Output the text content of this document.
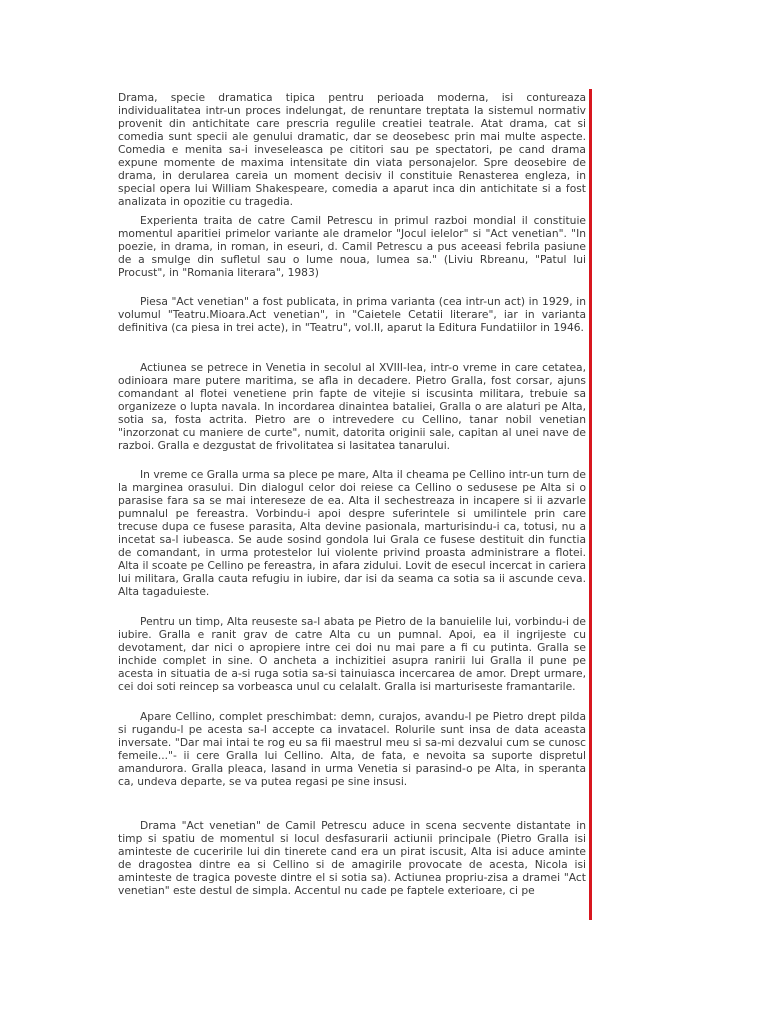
Drama, specie dramatica tipica pentru perioada moderna, isi contureaza individualitatea intr-un proces indelungat, de renuntare treptata la sistemul normativ provenit din antichitate care prescria regulile creatiei teatrale. Atat drama, cat si comedia sunt specii ale genului dramatic, dar se deosebesc prin mai multe aspecte. Comedia e menita sa-i inveseleasca pe cititori sau pe spectatori, pe cand drama expune momente de maxima intensitate din viata personajelor. Spre deosebire de drama, in derularea careia un moment decisiv il constituie Renasterea engleza, in special opera lui William Shakespeare, comedia a aparut inca din antichitate si a fost analizata in opozitie cu tragedia.

Experienta traita de catre Camil Petrescu in primul razboi mondial il constituie momentul aparitiei primelor variante ale dramelor "Jocul ielelor" si "Act venetian". "In poezie, in drama, in roman, in eseuri, d. Camil Petrescu a pus aceeasi febrila pasiune de a smulge din sufletul sau o lume noua, lumea sa." (Liviu Rbreanu, "Patul lui Procust", in "Romania literara", 1983)

Piesa "Act venetian" a fost publicata, in prima varianta (cea intr-un act) in 1929, in volumul "Teatru.Mioara.Act venetian", in "Caietele Cetatii literare", iar in varianta definitiva (ca piesa in trei acte), in "Teatru", vol.II, aparut la Editura Fundatiilor in 1946.

Actiunea se petrece in Venetia in secolul al XVIII-lea, intr-o vreme in care cetatea, odinioara mare putere maritima, se afla in decadere. Pietro Gralla, fost corsar, ajuns comandant al flotei venetiene prin fapte de vitejie si iscusinta militara, trebuie sa organizeze o lupta navala. In incordarea dinaintea bataliei, Gralla o are alaturi pe Alta, sotia sa, fosta actrita. Pietro are o intrevedere cu Cellino, tanar nobil venetian "inzorzonat cu maniere de curte", numit, datorita originii sale, capitan al unei nave de razboi. Gralla e dezgustat de frivolitatea si lasitatea tanarului.

In vreme ce Gralla urma sa plece pe mare, Alta il cheama pe Cellino intr-un turn de la marginea orasului. Din dialogul celor doi reiese ca Cellino o sedusese pe Alta si o parasise fara sa se mai intereseze de ea. Alta il sechestreaza in incapere si ii azvarle pumnalul pe fereastra. Vorbindu-i apoi despre suferintele si umilintele prin care trecuse dupa ce fusese parasita, Alta devine pasionala, marturisindu-i ca, totusi, nu a incetat sa-l iubeasca. Se aude sosind gondola lui Grala ce fusese destituit din functia de comandant, in urma protestelor lui violente privind proasta administrare a flotei. Alta il scoate pe Cellino pe fereastra, in afara zidului. Lovit de esecul incercat in cariera lui militara, Gralla cauta refugiu in iubire, dar isi da seama ca sotia sa ii ascunde ceva. Alta tagaduieste.

Pentru un timp, Alta reuseste sa-l abata pe Pietro de la banuielile lui, vorbindu-i de iubire. Gralla e ranit grav de catre Alta cu un pumnal. Apoi, ea il ingrijeste cu devotament, dar nici o apropiere intre cei doi nu mai pare a fi cu putinta. Gralla se inchide complet in sine. O ancheta a inchizitiei asupra ranirii lui Gralla il pune pe acesta in situatia de a-si ruga sotia sa-si tainuiasca incercarea de amor. Drept urmare, cei doi soti reincep sa vorbeasca unul cu celalalt. Gralla isi marturiseste framantarile.

Apare Cellino, complet preschimbat: demn, curajos, avandu-l pe Pietro drept pilda si rugandu-l pe acesta sa-l accepte ca invatacel. Rolurile sunt insa de data aceasta inversate. "Dar mai intai te rog eu sa fii maestrul meu si sa-mi dezvalui cum se cunosc femeile..."- ii cere Gralla lui Cellino. Alta, de fata, e nevoita sa suporte dispretul amandurora. Gralla pleaca, lasand in urma Venetia si parasind-o pe Alta, in speranta ca, undeva departe, se va putea regasi pe sine insusi.

Drama "Act venetian" de Camil Petrescu aduce in scena secvente distantate in timp si spatiu de momentul si locul desfasurarii actiunii principale (Pietro Gralla isi aminteste de cuceririle lui din tinerete cand era un pirat iscusit, Alta isi aduce aminte de dragostea dintre ea si Cellino si de amagirile provocate de acesta, Nicola isi aminteste de tragica poveste dintre el si sotia sa). Actiunea propriu-zisa a dramei "Act venetian" este destul de simpla. Accentul nu cade pe faptele exterioare, ci pe
